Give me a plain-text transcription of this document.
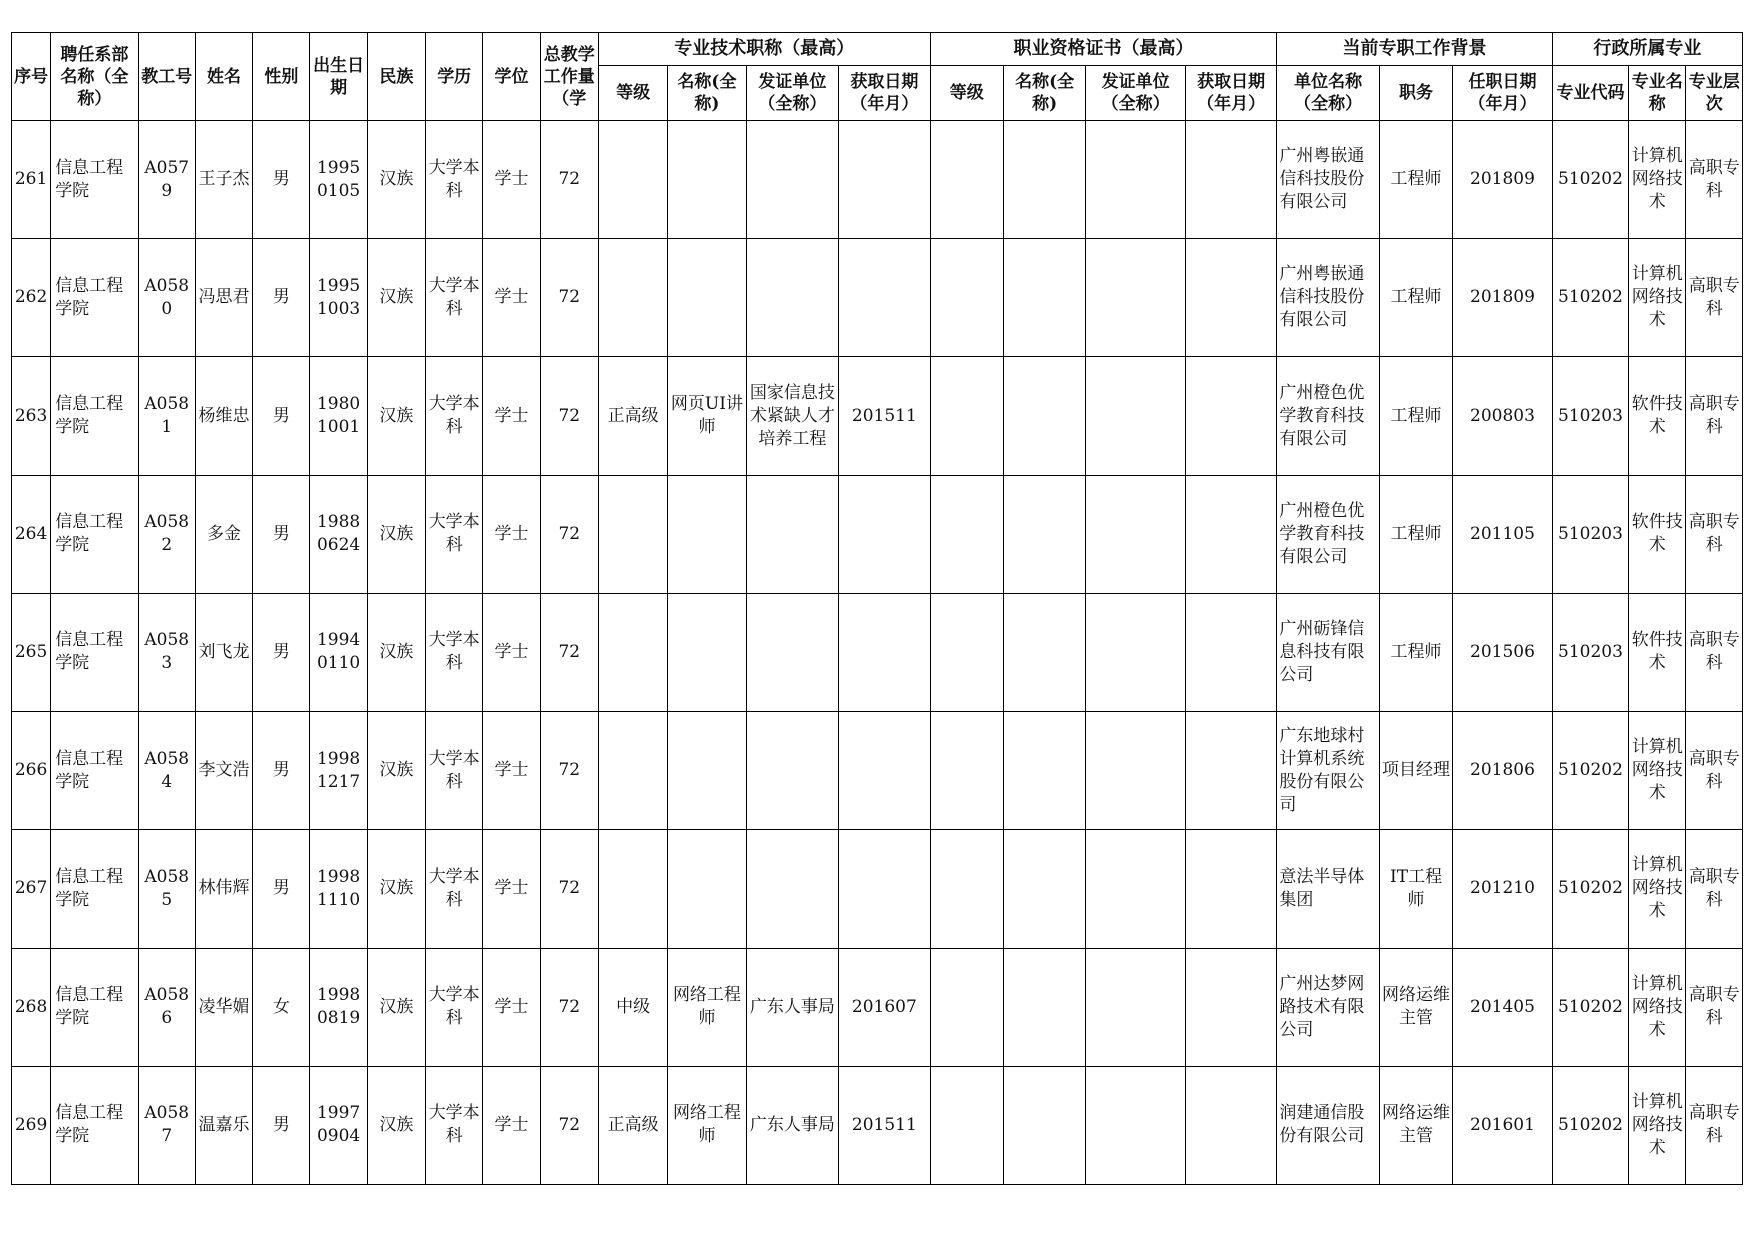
序号	聘任系部名称（全称）	教工号	姓名	性别	出生日期	民族	学历	学位	总教学工作量（学	专业技术职称（最高）				职业资格证书（最高）				当前专职工作背景			行政所属专业		
										等级	名称(全称)	发证单位（全称）	获取日期（年月）	等级	名称(全称)	发证单位（全称）	获取日期（年月）	单位名称（全称）	职务	任职日期（年月）	专业代码	专业名称	专业层次
261	信息工程学院	A0579	王子杰	男	19950105	汉族	大学本科	学士	72									广州粤嵌通信科技股份有限公司	工程师	201809	510202	计算机网络技术	高职专科
262	信息工程学院	A0580	冯思君	男	19951003	汉族	大学本科	学士	72									广州粤嵌通信科技股份有限公司	工程师	201809	510202	计算机网络技术	高职专科
263	信息工程学院	A0581	杨维忠	男	19801001	汉族	大学本科	学士	72	正高级	网页UI讲师	国家信息技术紧缺人才培养工程	201511					广州橙色优学教育科技有限公司	工程师	200803	510203	软件技术	高职专科
264	信息工程学院	A0582	多金	男	19880624	汉族	大学本科	学士	72									广州橙色优学教育科技有限公司	工程师	201105	510203	软件技术	高职专科
265	信息工程学院	A0583	刘飞龙	男	19940110	汉族	大学本科	学士	72									广州砺锋信息科技有限公司	工程师	201506	510203	软件技术	高职专科
266	信息工程学院	A0584	李文浩	男	19981217	汉族	大学本科	学士	72									广东地球村计算机系统股份有限公司	项目经理	201806	510202	计算机网络技术	高职专科
267	信息工程学院	A0585	林伟辉	男	19981110	汉族	大学本科	学士	72									意法半导体集团	IT工程师	201210	510202	计算机网络技术	高职专科
268	信息工程学院	A0586	凌华媚	女	19980819	汉族	大学本科	学士	72	中级	网络工程师	广东人事局	201607					广州达梦网路技术有限公司	网络运维主管	201405	510202	计算机网络技术	高职专科
269	信息工程学院	A0587	温嘉乐	男	19970904	汉族	大学本科	学士	72	正高级	网络工程师	广东人事局	201511					润建通信股份有限公司	网络运维主管	201601	510202	计算机网络技术	高职专科
